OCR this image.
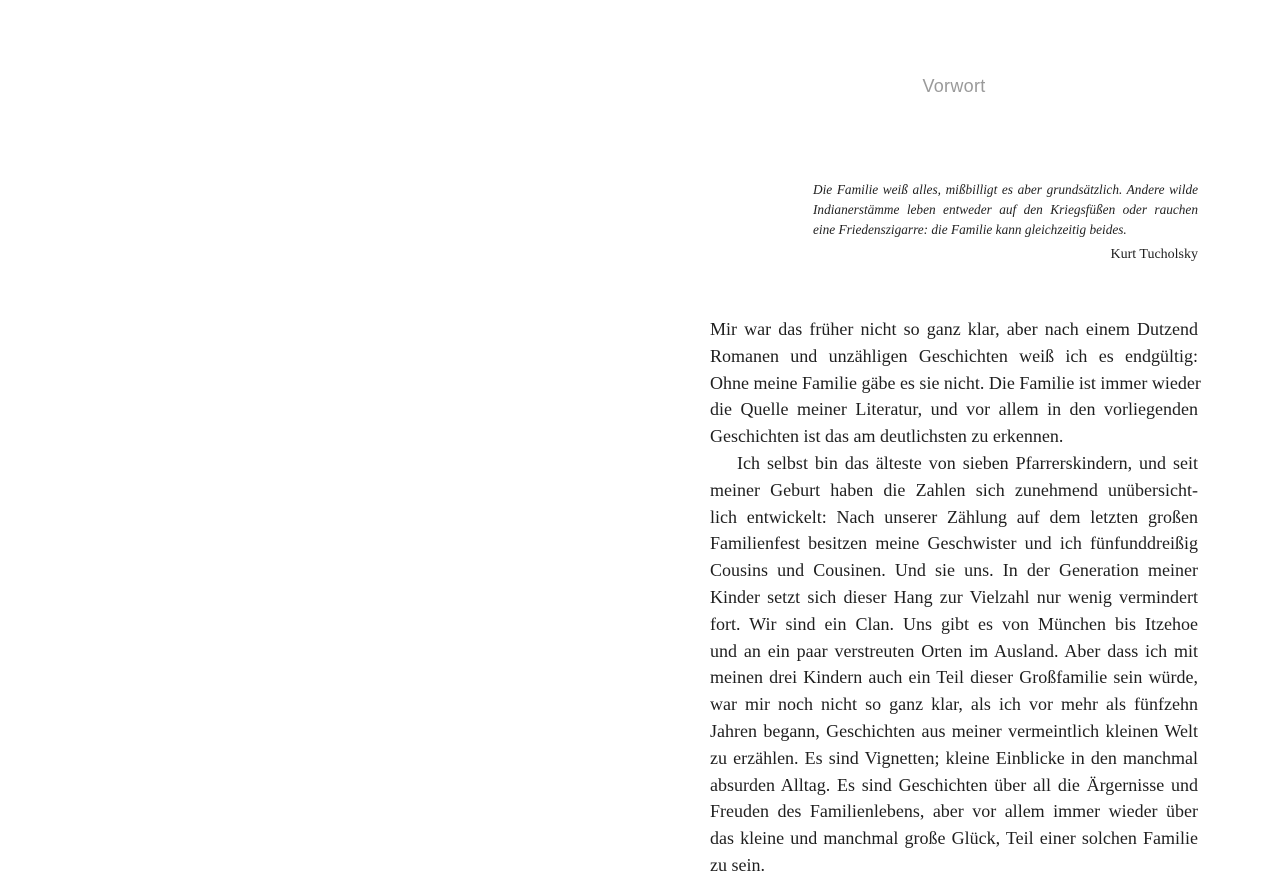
Vorwort
Die Familie weiß alles, mißbilligt es aber grundsätzlich. Andere wilde
Indianerstämme leben entweder auf den Kriegsfüßen oder rauchen
eine Friedenszigarre: die Familie kann gleichzeitig beides.
Kurt Tucholsky
Mir war das früher nicht so ganz klar, aber nach einem Dutzend
Romanen und unzähligen Geschichten weiß ich es endgültig:
Ohne meine Familie gäbe es sie nicht. Die Familie ist immer wieder
die Quelle meiner Literatur, und vor allem in den vorliegenden
Geschichten ist das am deutlichsten zu erkennen.
Ich selbst bin das älteste von sieben Pfarrerskindern, und seit
meiner Geburt haben die Zahlen sich zunehmend unübersicht-
lich entwickelt: Nach unserer Zählung auf dem letzten großen
Familienfest besitzen meine Geschwister und ich fünfunddreißig
Cousins und Cousinen. Und sie uns. In der Generation meiner
Kinder setzt sich dieser Hang zur Vielzahl nur wenig vermindert
fort. Wir sind ein Clan. Uns gibt es von München bis Itzehoe
und an ein paar verstreuten Orten im Ausland. Aber dass ich mit
meinen drei Kindern auch ein Teil dieser Großfamilie sein würde,
war mir noch nicht so ganz klar, als ich vor mehr als fünfzehn
Jahren begann, Geschichten aus meiner vermeintlich kleinen Welt
zu erzählen. Es sind Vignetten; kleine Einblicke in den manchmal
absurden Alltag. Es sind Geschichten über all die Ärgernisse und
Freuden des Familienlebens, aber vor allem immer wieder über
das kleine und manchmal große Glück, Teil einer solchen Familie
zu sein.
